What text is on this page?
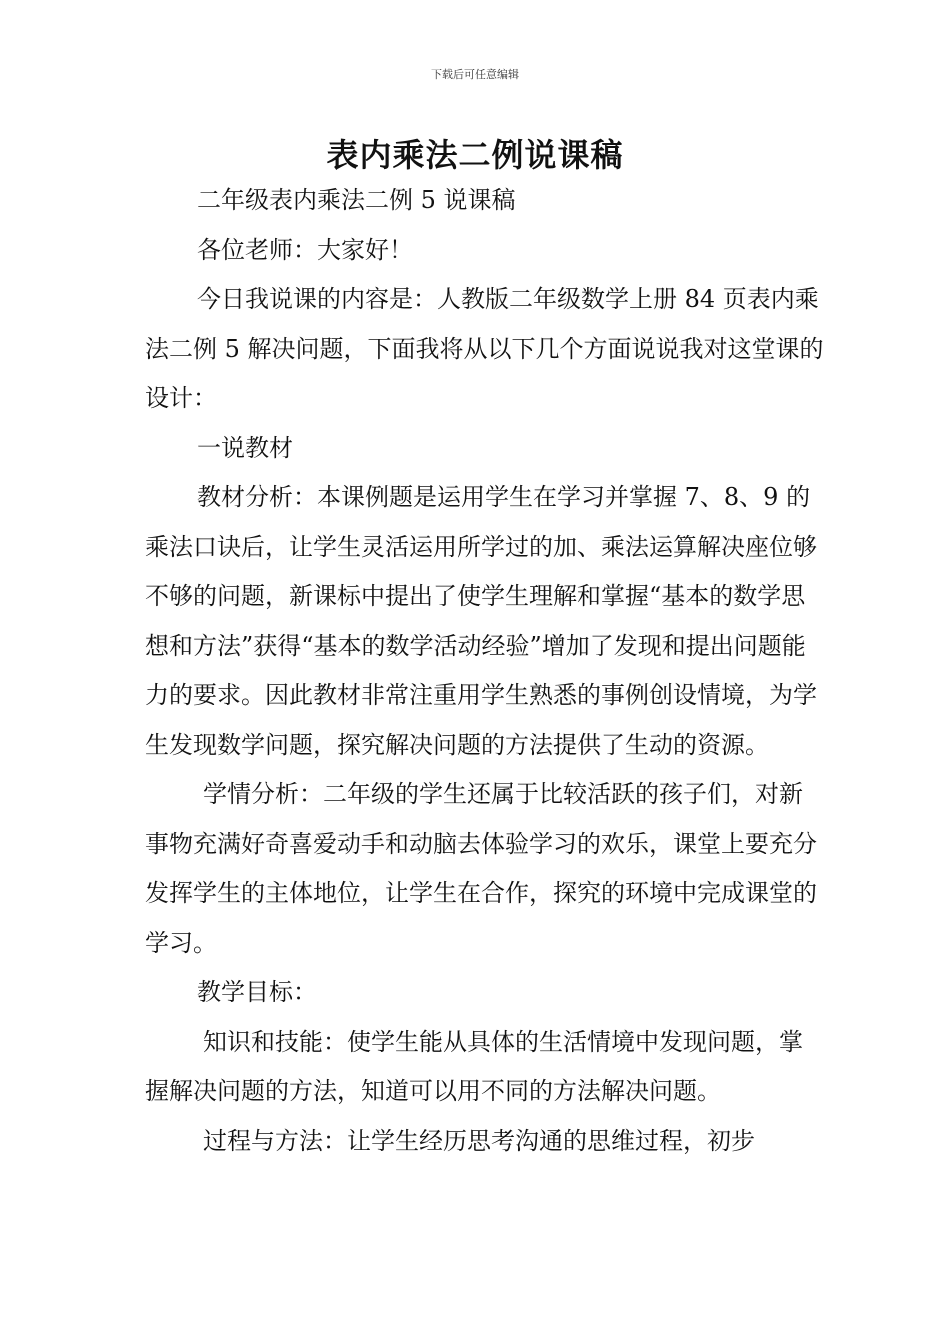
下载后可任意编辑
表内乘法二例说课稿

二年级表内乘法二例 5 说课稿

各位老师：大家好！

今日我说课的内容是：人教版二年级数学上册 84 页表内乘法二例 5 解决问题，下面我将从以下几个方面说说我对这堂课的设计：

一说教材

教材分析：本课例题是运用学生在学习并掌握 7、8、9 的乘法口诀后，让学生灵活运用所学过的加、乘法运算解决座位够不够的问题，新课标中提出了使学生理解和掌握“基本的数学思想和方法”获得“基本的数学活动经验”增加了发现和提出问题能力的要求。因此教材非常注重用学生熟悉的事例创设情境，为学生发现数学问题，探究解决问题的方法提供了生动的资源。

学情分析：二年级的学生还属于比较活跃的孩子们，对新事物充满好奇喜爱动手和动脑去体验学习的欢乐，课堂上要充分发挥学生的主体地位，让学生在合作，探究的环境中完成课堂的学习。

教学目标：

知识和技能：使学生能从具体的生活情境中发现问题，掌握解决问题的方法，知道可以用不同的方法解决问题。

过程与方法：让学生经历思考沟通的思维过程，初步
